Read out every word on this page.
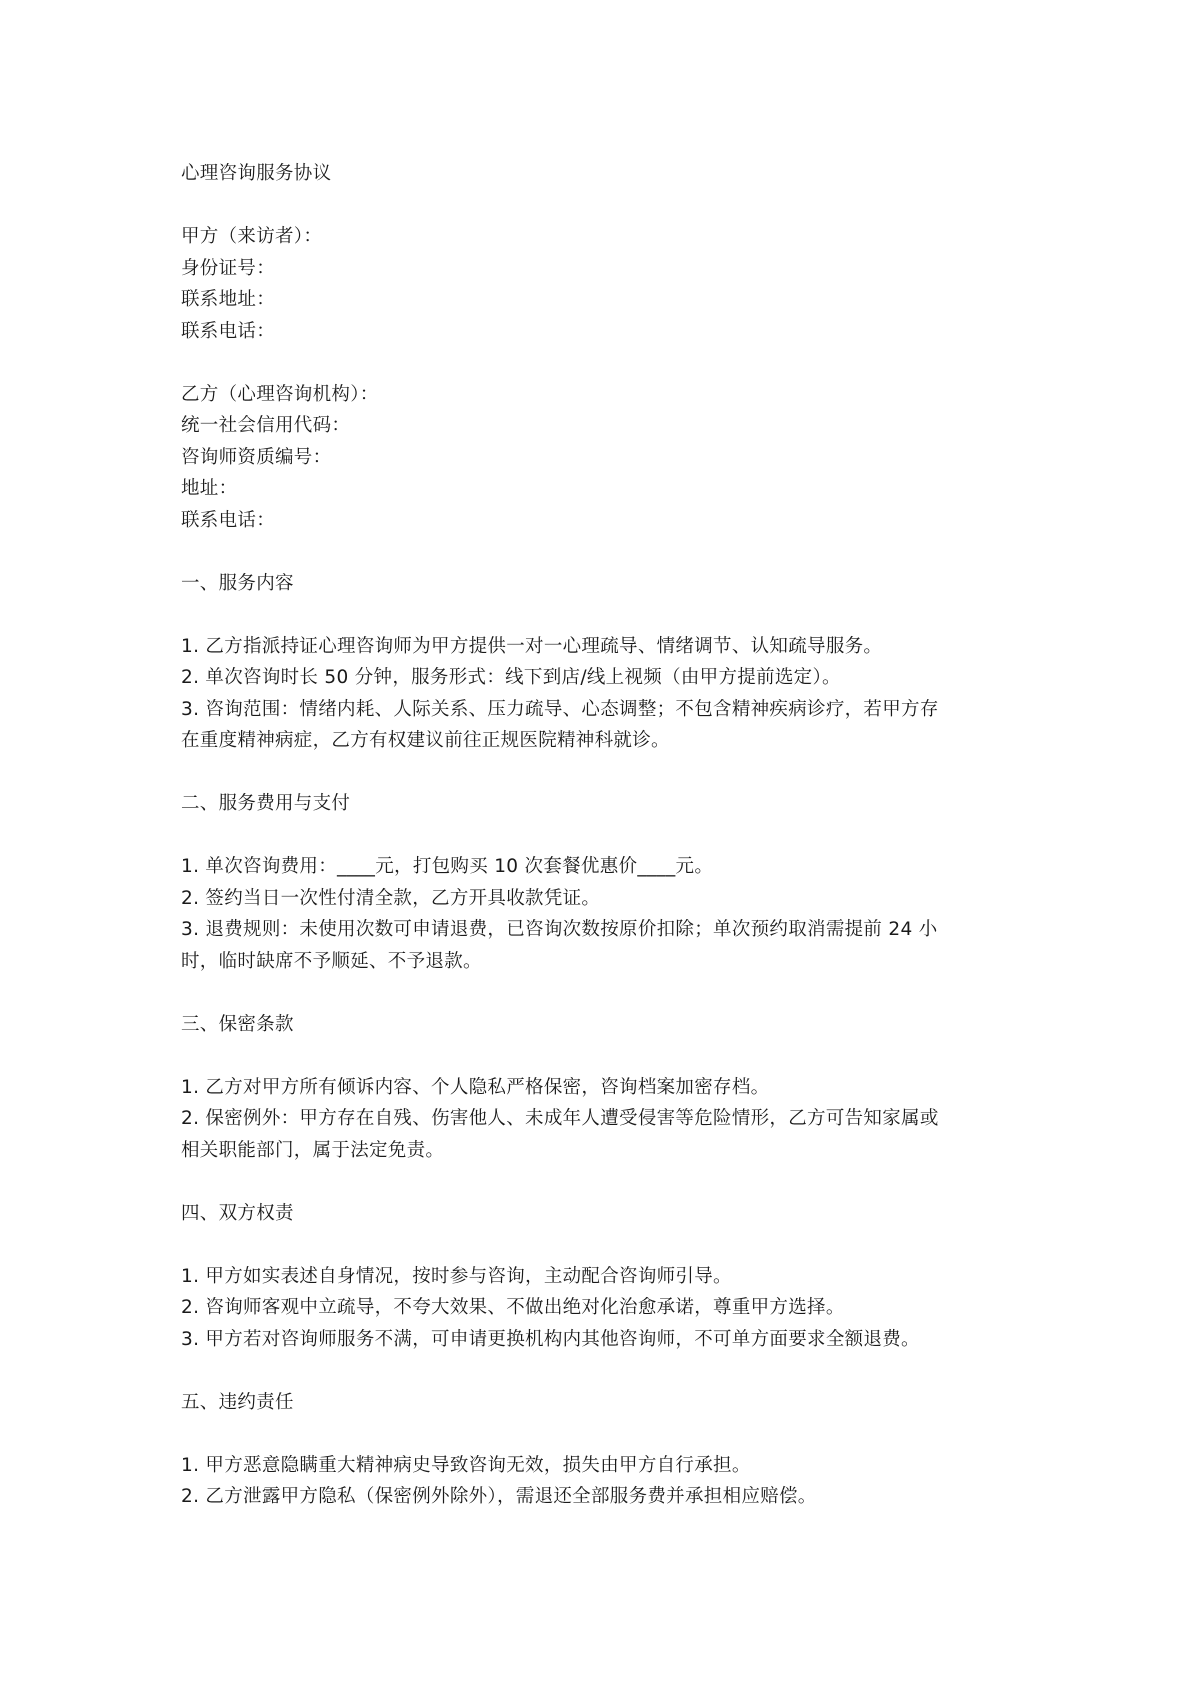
心理咨询服务协议
甲方（来访者）：
身份证号：
联系地址：
联系电话：
乙方（心理咨询机构）：
统一社会信用代码：
咨询师资质编号：
地址：
联系电话：
一、服务内容
1. 乙方指派持证心理咨询师为甲方提供一对一心理疏导、情绪调节、认知疏导服务。
2. 单次咨询时长 50 分钟，服务形式：线下到店/线上视频（由甲方提前选定）。
3. 咨询范围：情绪内耗、人际关系、压力疏导、心态调整；不包含精神疾病诊疗，若甲方存
在重度精神病症，乙方有权建议前往正规医院精神科就诊。
二、服务费用与支付
1. 单次咨询费用：____元，打包购买 10 次套餐优惠价____元。
2. 签约当日一次性付清全款，乙方开具收款凭证。
3. 退费规则：未使用次数可申请退费，已咨询次数按原价扣除；单次预约取消需提前 24 小
时，临时缺席不予顺延、不予退款。
三、保密条款
1. 乙方对甲方所有倾诉内容、个人隐私严格保密，咨询档案加密存档。
2. 保密例外：甲方存在自残、伤害他人、未成年人遭受侵害等危险情形，乙方可告知家属或
相关职能部门，属于法定免责。
四、双方权责
1. 甲方如实表述自身情况，按时参与咨询，主动配合咨询师引导。
2. 咨询师客观中立疏导，不夸大效果、不做出绝对化治愈承诺，尊重甲方选择。
3. 甲方若对咨询师服务不满，可申请更换机构内其他咨询师，不可单方面要求全额退费。
五、违约责任
1. 甲方恶意隐瞒重大精神病史导致咨询无效，损失由甲方自行承担。
2. 乙方泄露甲方隐私（保密例外除外），需退还全部服务费并承担相应赔偿。
